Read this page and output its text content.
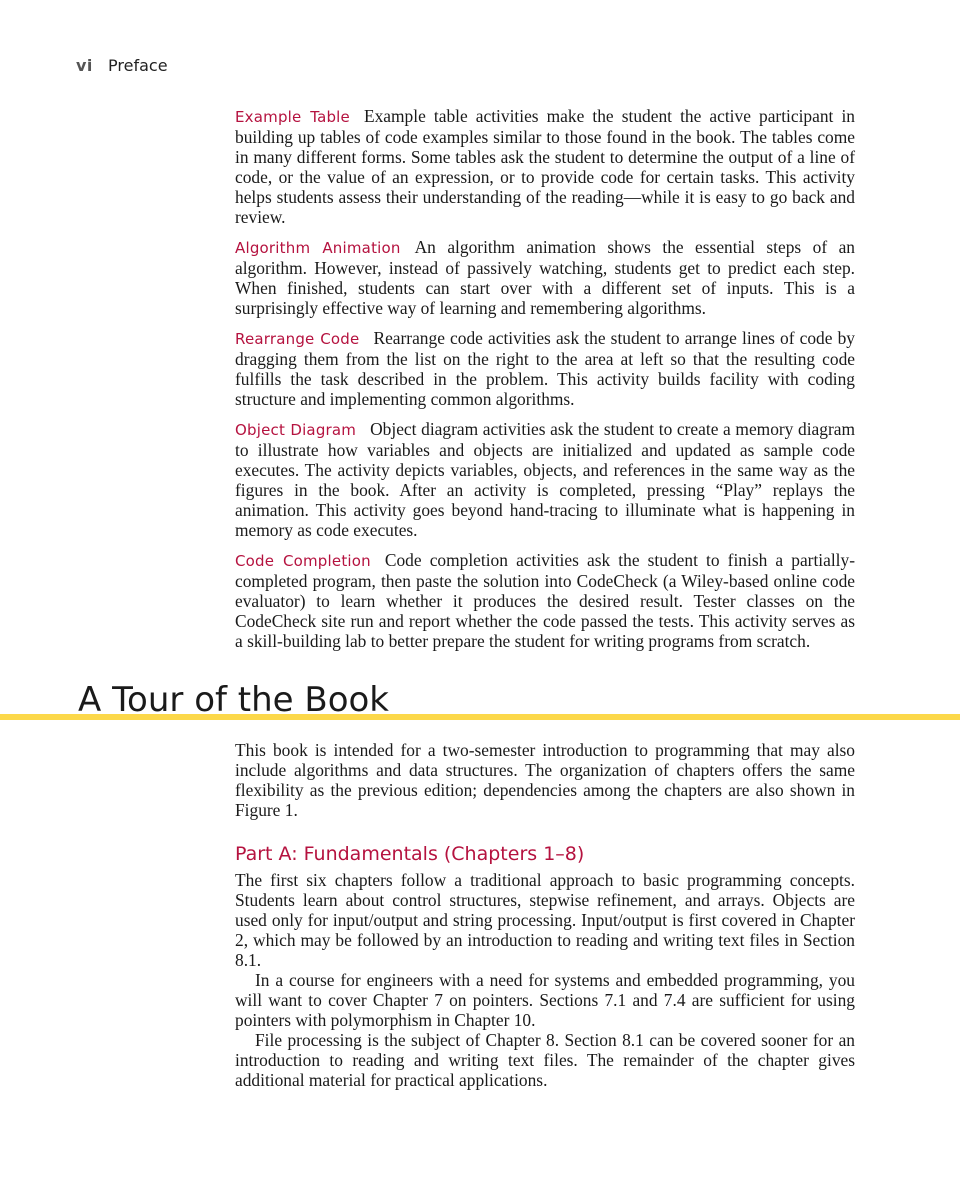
vi Preface

Example Table Example table activities make the student the active participant in building up tables of code examples similar to those found in the book. The tables come in many different forms. Some tables ask the student to determine the output of a line of code, or the value of an expression, or to provide code for certain tasks. This activity helps students assess their understanding of the reading—while it is easy to go back and review.

Algorithm Animation An algorithm animation shows the essential steps of an algorithm. However, instead of passively watching, students get to predict each step. When finished, students can start over with a different set of inputs. This is a surprisingly effective way of learning and remembering algorithms.

Rearrange Code Rearrange code activities ask the student to arrange lines of code by dragging them from the list on the right to the area at left so that the resulting code fulfills the task described in the problem. This activity builds facility with coding structure and implementing common algorithms.

Object Diagram Object diagram activities ask the student to create a memory diagram to illustrate how variables and objects are initialized and updated as sample code executes. The activity depicts variables, objects, and references in the same way as the figures in the book. After an activity is completed, pressing “Play” replays the animation. This activity goes beyond hand-tracing to illuminate what is happening in memory as code executes.

Code Completion Code completion activities ask the student to finish a partially-completed program, then paste the solution into CodeCheck (a Wiley-based online code evaluator) to learn whether it produces the desired result. Tester classes on the CodeCheck site run and report whether the code passed the tests. This activity serves as a skill-building lab to better prepare the student for writing programs from scratch.

A Tour of the Book

This book is intended for a two-semester introduction to programming that may also include algorithms and data structures. The organization of chapters offers the same flexibility as the previous edition; dependencies among the chapters are also shown in Figure 1.

Part A: Fundamentals (Chapters 1–8)

The first six chapters follow a traditional approach to basic programming concepts. Students learn about control structures, stepwise refinement, and arrays. Objects are used only for input/output and string processing. Input/output is first covered in Chapter 2, which may be followed by an introduction to reading and writing text files in Section 8.1.

In a course for engineers with a need for systems and embedded programming, you will want to cover Chapter 7 on pointers. Sections 7.1 and 7.4 are sufficient for using pointers with polymorphism in Chapter 10.

File processing is the subject of Chapter 8. Section 8.1 can be covered sooner for an introduction to reading and writing text files. The remainder of the chapter gives additional material for practical applications.
